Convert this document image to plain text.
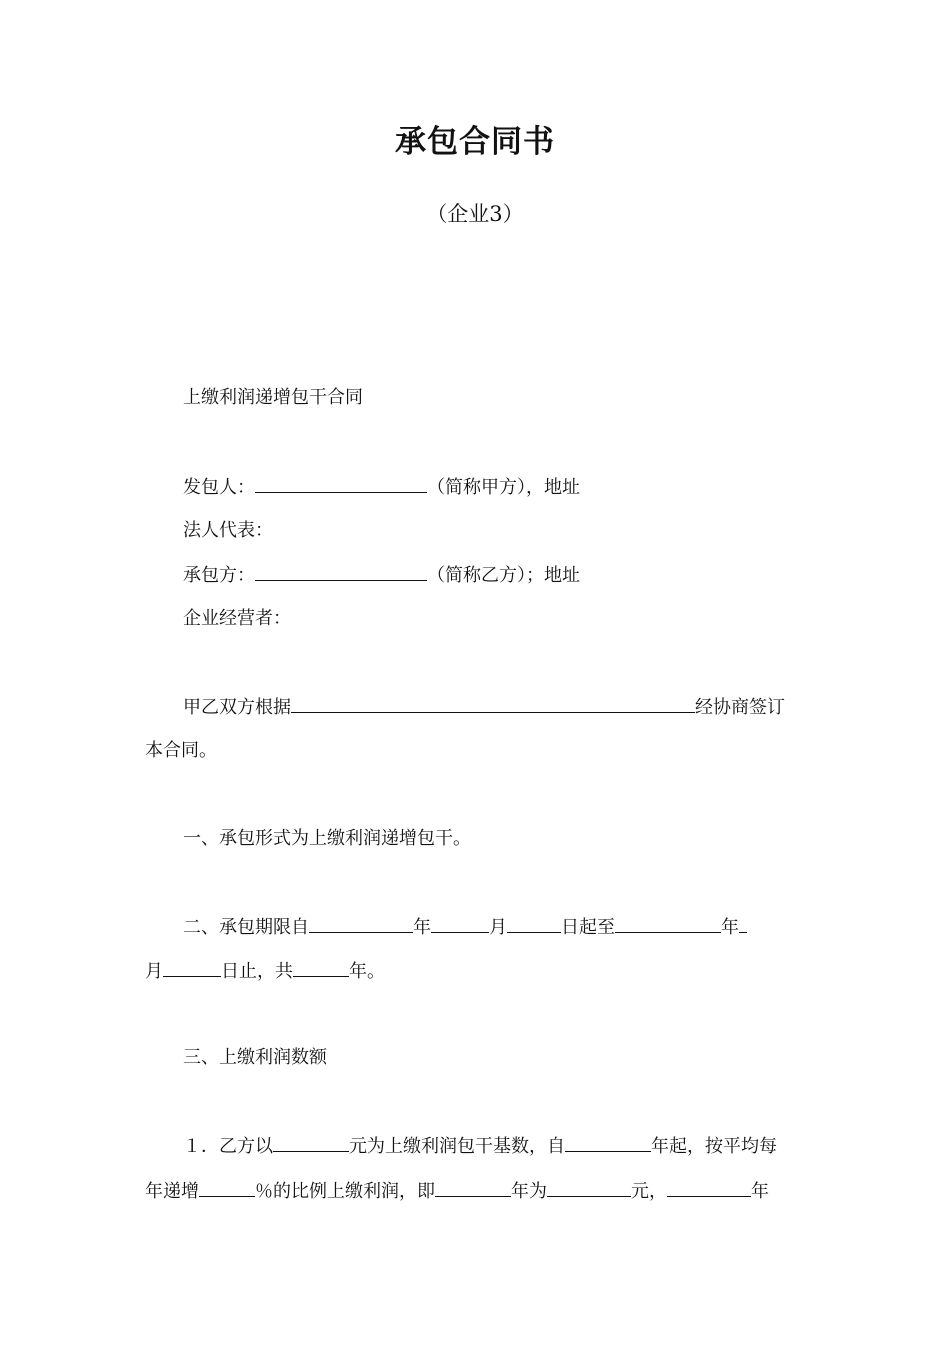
承包合同书
（企业3）
上缴利润递增包干合同
发包人：	（简称甲方），地址
法人代表：
承包方：	（简称乙方）；地址
企业经营者：
甲乙双方根据	经协商签订
本合同。
一、承包形式为上缴利润递增包干。
二、承包期限自	年	月	日起至	年
月	日止，共	年。
三、上缴利润数额
１．乙方以	元为上缴利润包干基数，自	年起，按平均每
年递增	％的比例上缴利润，即	年为	元，	年
